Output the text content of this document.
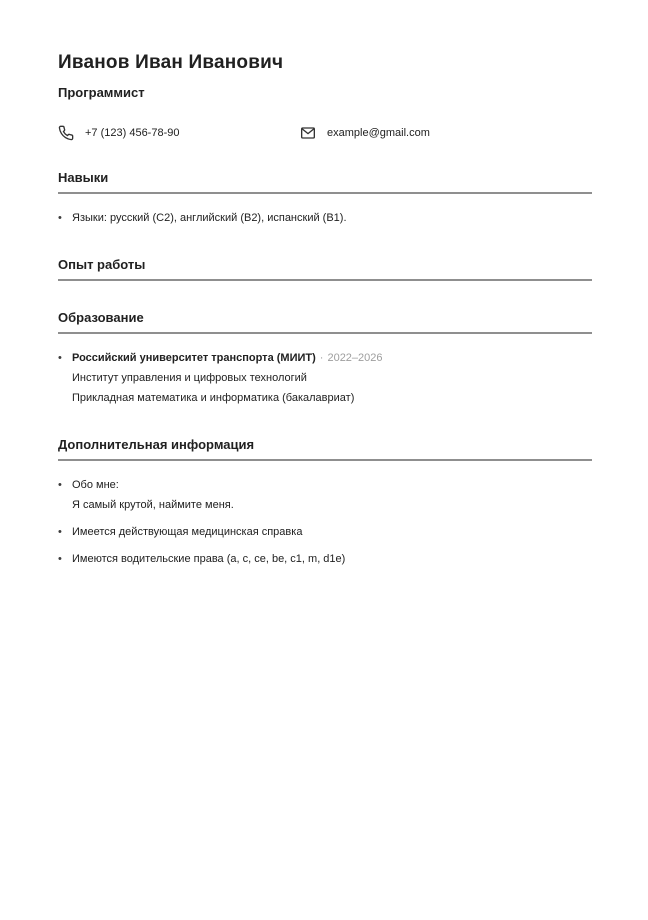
Иванов Иван Иванович
Программист
+7 (123) 456-78-90	example@gmail.com
Навыки
• Языки: русский (С2), английский (В2), испанский (В1).
Опыт работы
Образование
• Российский университет транспорта (МИИТ) · 2022–2026
Институт управления и цифровых технологий
Прикладная математика и информатика (бакалавриат)
Дополнительная информация
• Обо мне:
Я самый крутой, наймите меня.
• Имеется действующая медицинская справка
• Имеются водительские права (a, c, ce, be, c1, m, d1e)
